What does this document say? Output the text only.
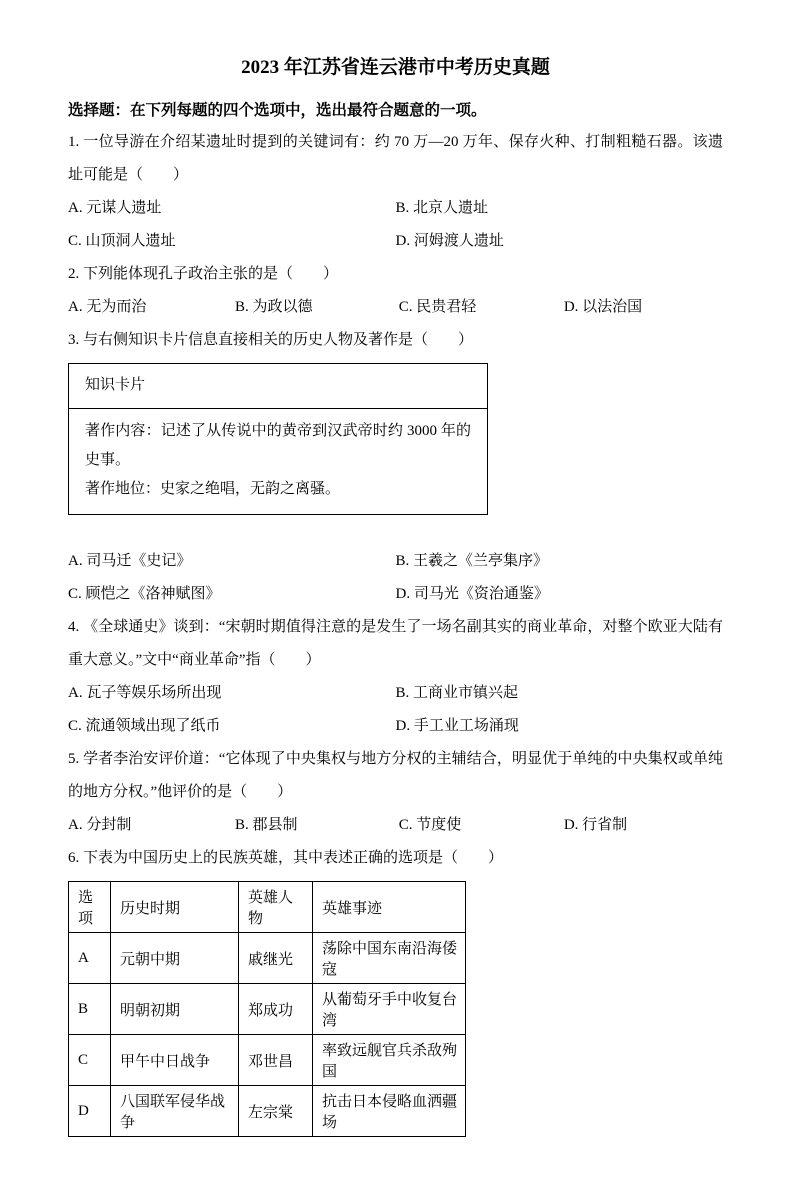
2023 年江苏省连云港市中考历史真题

选择题：在下列每题的四个选项中，选出最符合题意的一项。

1. 一位导游在介绍某遗址时提到的关键词有：约 70 万—20 万年、保存火种、打制粗糙石器。该遗址可能是（　　）

A. 元谋人遗址	B. 北京人遗址
C. 山顶洞人遗址	D. 河姆渡人遗址

2. 下列能体现孔子政治主张的是（　　）

A. 无为而治	B. 为政以德	C. 民贵君轻	D. 以法治国

3. 与右侧知识卡片信息直接相关的历史人物及著作是（　　）

知识卡片

著作内容：记述了从传说中的黄帝到汉武帝时约 3000 年的史事。

著作地位：史家之绝唱，无韵之离骚。

A. 司马迁《史记》	B. 王羲之《兰亭集序》
C. 顾恺之《洛神赋图》	D. 司马光《资治通鉴》

4. 《全球通史》谈到：“宋朝时期值得注意的是发生了一场名副其实的商业革命，对整个欧亚大陆有重大意义。”文中“商业革命”指（　　）

A. 瓦子等娱乐场所出现	B. 工商业市镇兴起
C. 流通领域出现了纸币	D. 手工业工场涌现

5. 学者李治安评价道：“它体现了中央集权与地方分权的主辅结合，明显优于单纯的中央集权或单纯的地方分权。”他评价的是（　　）

A. 分封制	B. 郡县制	C. 节度使	D. 行省制

6. 下表为中国历史上的民族英雄，其中表述正确的选项是（　　）

选项	历史时期	英雄人物	英雄事迹
A	元朝中期	戚继光	荡除中国东南沿海倭寇
B	明朝初期	郑成功	从葡萄牙手中收复台湾
C	甲午中日战争	邓世昌	率致远舰官兵杀敌殉国
D	八国联军侵华战争	左宗棠	抗击日本侵略血洒疆场
